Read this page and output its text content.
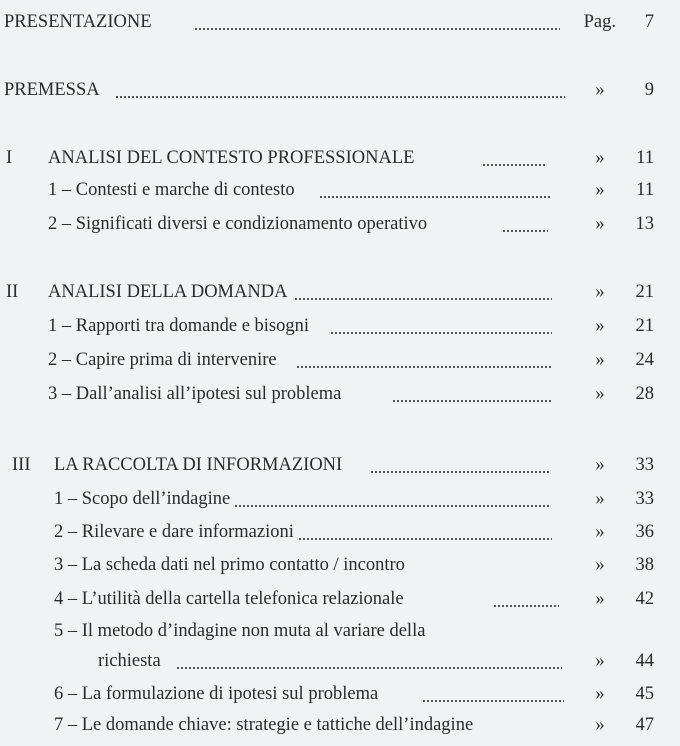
PRESENTAZIONE	Pag. 7
PREMESSA	»	9
I ANALISI DEL CONTESTO PROFESSIONALE	»	11
1 – Contesti e marche di contesto	»	11
2 – Significati diversi e condizionamento operativo	»	13
II ANALISI DELLA DOMANDA	»	21
1 – Rapporti tra domande e bisogni	»	21
2 – Capire prima di intervenire	»	24
3 – Dall’analisi all’ipotesi sul problema	»	28
III LA RACCOLTA DI INFORMAZIONI	»	33
1 – Scopo dell’indagine	»	33
2 – Rilevare e dare informazioni	»	36
3 – La scheda dati nel primo contatto / incontro	»	38
4 – L’utilità della cartella telefonica relazionale	»	42
5 – Il metodo d’indagine non muta al variare della
richiesta	»	44
6 – La formulazione di ipotesi sul problema	»	45
7 – Le domande chiave: strategie e tattiche dell’indagine	»	47
